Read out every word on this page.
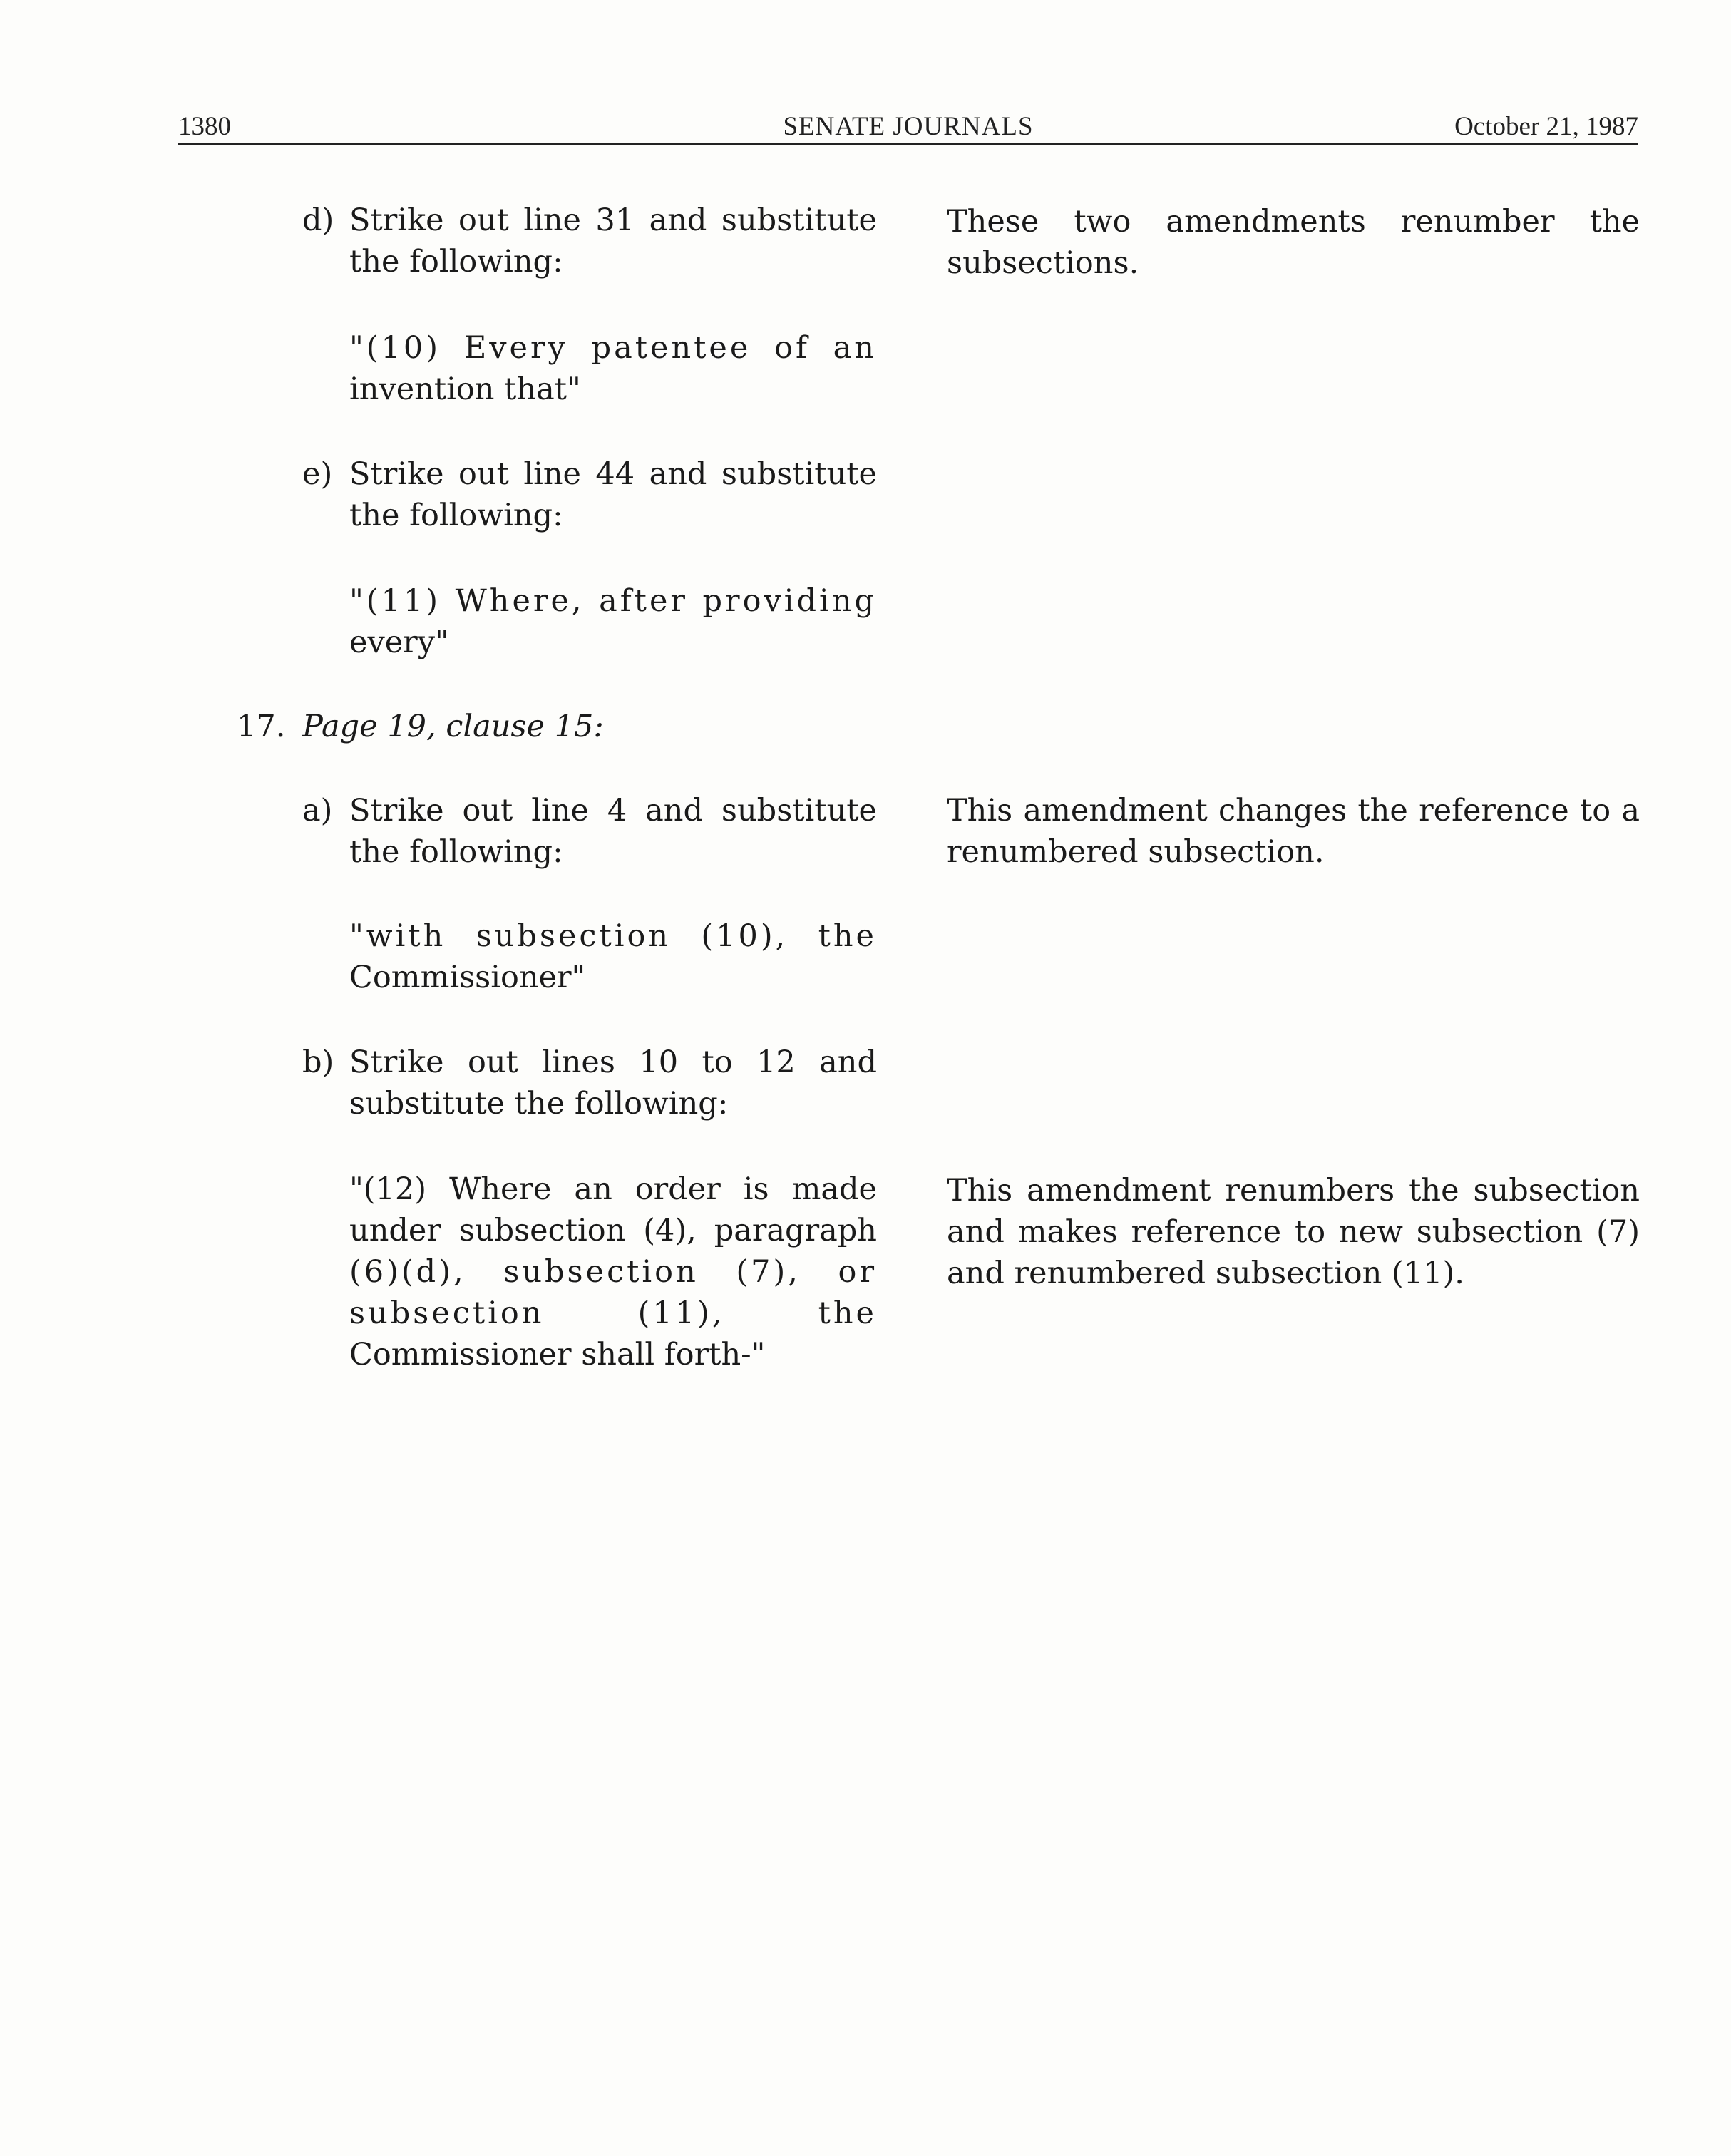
1380	SENATE JOURNALS	October 21, 1987
d) Strike out line 31 and substitute
the following:
"(10) Every patentee of an
invention that"
These two amendments renumber the
subsections.
e) Strike out line 44 and substitute
the following:
"(11) Where, after providing
every"
17. Page 19, clause 15:
a) Strike out line 4 and substitute
the following:
"with subsection (10), the
Commissioner"
This amendment changes the reference to a
renumbered subsection.
b) Strike out lines 10 to 12 and
substitute the following:
"(12) Where an order is made
under subsection (4), paragraph
(6)(d), subsection (7), or
subsection (11), the
Commissioner shall forth-"
This amendment renumbers the subsection
and makes reference to new subsection (7)
and renumbered subsection (11).
